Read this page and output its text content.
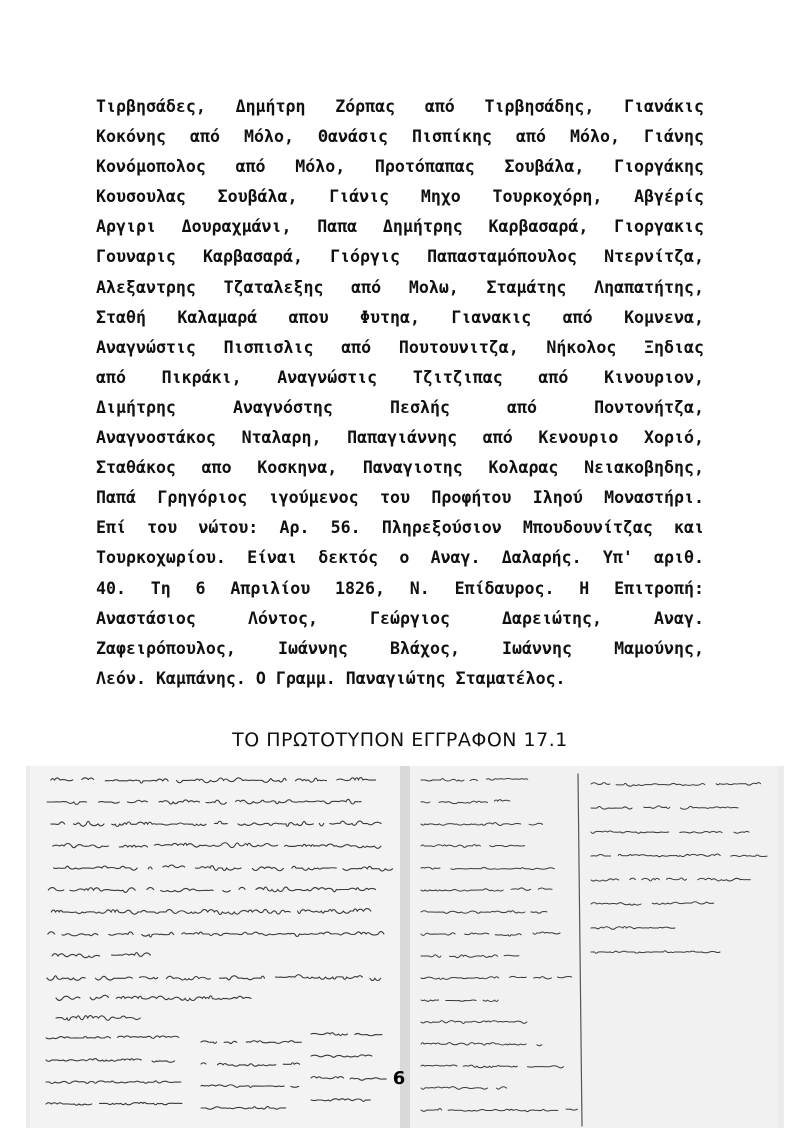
Τιρβησάδες, Δημήτρη Ζόρπας από Τιρβησάδης, Γιανάκις
Κοκόνης από Μόλο, Θανάσις Πισπίκης από Μόλο, Γιάνης
Κονόμοπολος από Μόλο, Προτόπαπας Σουβάλα, Γιοργάκης
Κουσουλας Σουβάλα, Γιάνις Μηχο Τουρκοχόρη, Αβγέρίς
Αργιρι Δουραχμάνι, Παπα Δημήτρης Καρβασαρά, Γιοργακις
Γουναρις Καρβασαρά, Γιόργις Παπασταμόπουλος Ντερνίτζα,
Αλεξαντρης Τζαταλεξης από Μολω, Σταμάτης Ληαπατήτης,
Σταθή Καλαμαρά απου Φυτηα, Γιανακις από Κομνενα,
Αναγνώστις Πισπισλις από Πουτουνιτζα, Νήκολος Ξηδιας
από Πικράκι, Αναγνώστις Τζιτζιπας από Κινουριον,
Διμήτρης Αναγνόστης Πεσλής από Ποντονήτζα,
Αναγνοστάκος Νταλαρη, Παπαγιάννης από Κενουριο Χοριό,
Σταθάκος απο Κοσκηνα, Παναγιοτης Κολαρας Νειακοβηδης,
Παπά Γρηγόριος ιγούμενος του Προφήτου Ιληού Μοναστήρι.
Επί του νώτου: Αρ. 56. Πληρεξούσιον Μπουδουνίτζας και
Τουρκοχωρίου. Είναι δεκτός ο Αναγ. Δαλαρής. Υπ' αριθ.
40. Τη 6 Απριλίου 1826, Ν. Επίδαυρος. Η Επιτροπή:
Αναστάσιος Λόντος, Γεώργιος Δαρειώτης, Αναγ.
Ζαφειρόπουλος, Ιωάννης Βλάχος, Ιωάννης Μαμούνης,
Λεόν. Καμπάνης. Ο Γραμμ. Παναγιώτης Σταματέλος.
ΤΟ ΠΡΩΤΟΤΥΠΟΝ ΕΓΓΡΑΦΟΝ 17.1
6
